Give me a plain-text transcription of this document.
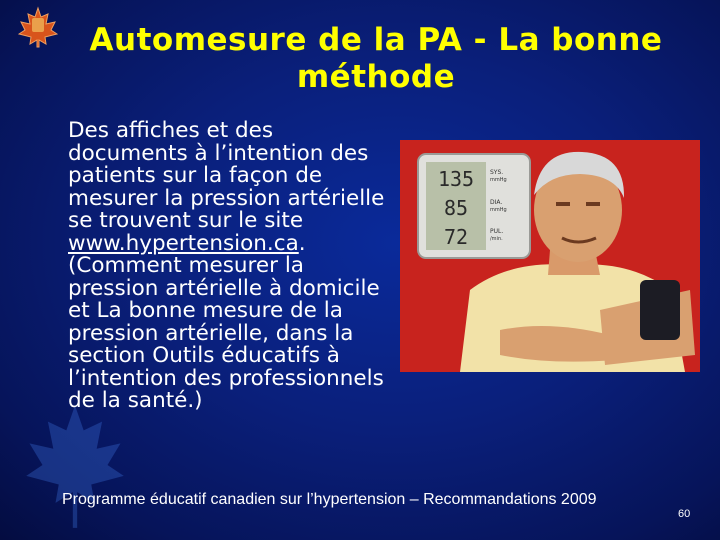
Automesure de la PA - La bonne
méthode
Des affiches et des documents à l’intention des patients sur la façon de mesurer la pression artérielle se trouvent sur le site www.hypertension.ca. (Comment mesurer la pression artérielle à domicile et La bonne mesure de la pression artérielle, dans la section Outils éducatifs à l’intention des professionnels de la santé.)
135
85
72
SYS.
mmHg
DIA.
mmHg
PUL.
/min.
Programme éducatif canadien sur l’hypertension – Recommandations 2009
60
